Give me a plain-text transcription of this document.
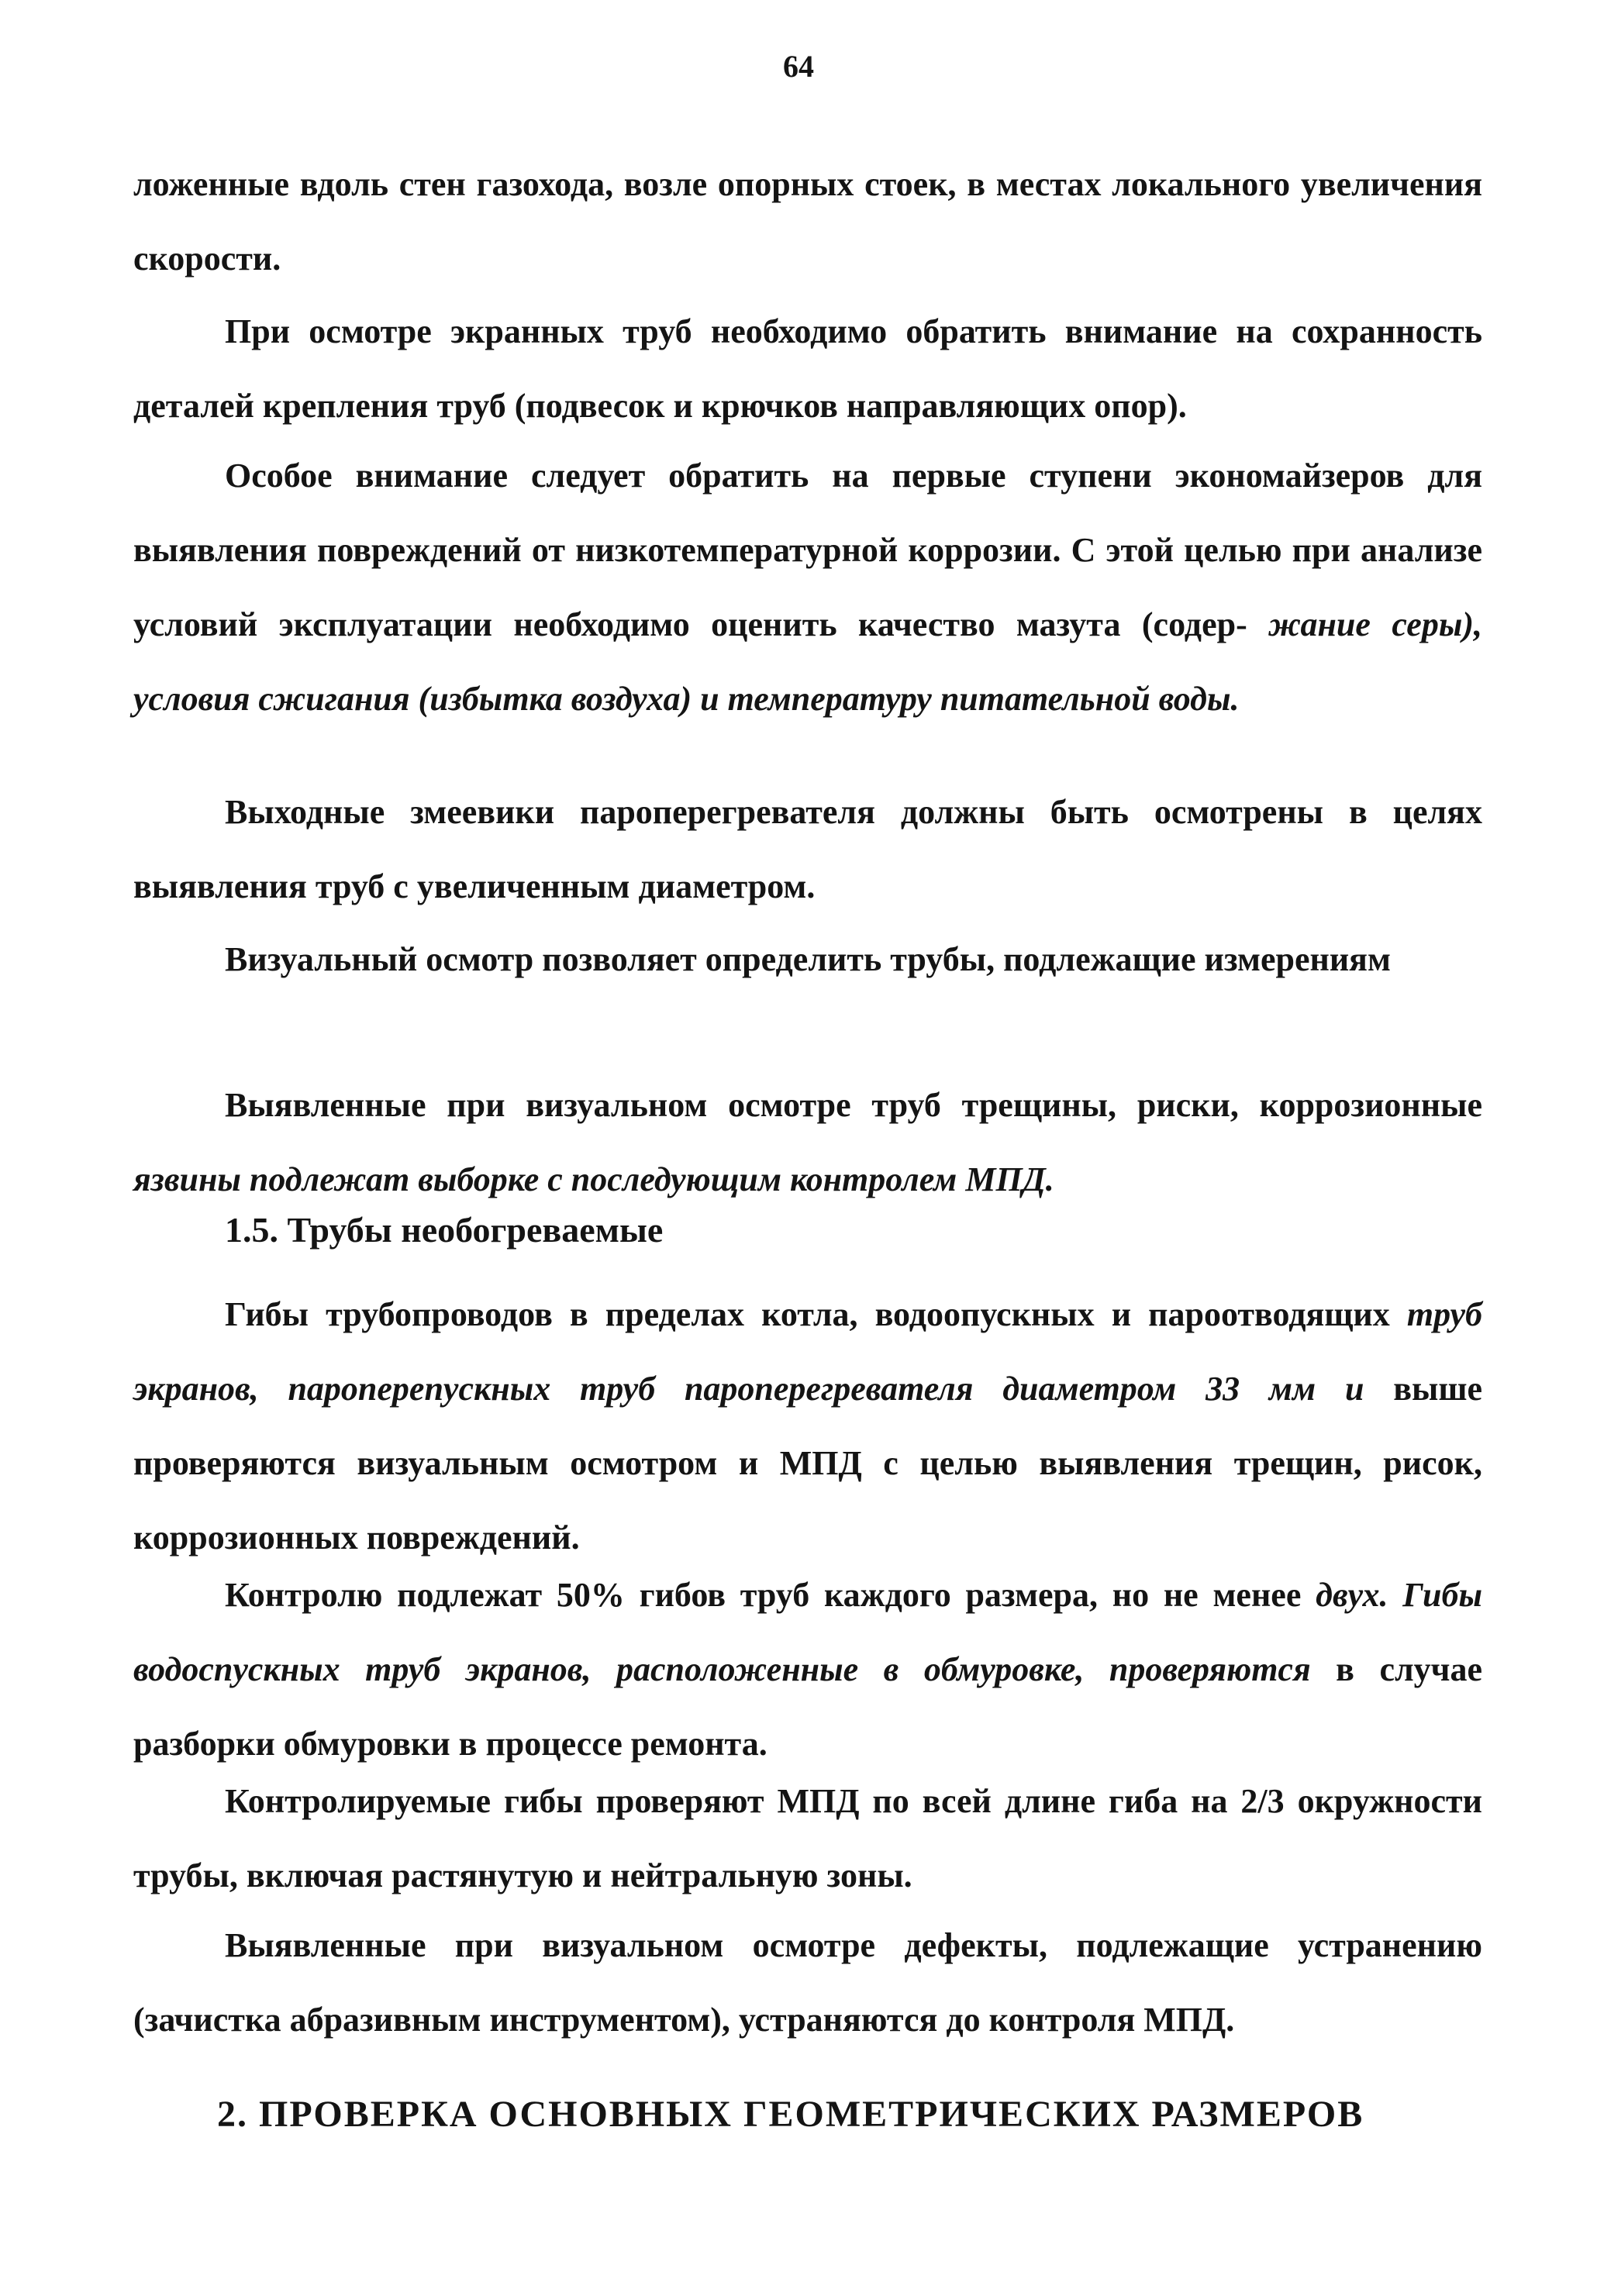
64

ложенные вдоль стен газохода, возле опорных стоек, в местах локального увеличения скорости.

При осмотре экранных труб необходимо обратить внимание на сохранность деталей крепления труб (подвесок и крючков направляющих опор).

Особое внимание следует обратить на первые ступени экономайзеров для выявления повреждений от низкотемпературной коррозии. С этой целью при анализе условий эксплуатации необходимо оценить качество мазута (содер- жание серы), условия сжигания (избытка воздуха) и температуру питательной воды.

Выходные змеевики пароперегревателя должны быть осмотрены в целях выявления труб с увеличенным диаметром.

Визуальный осмотр позволяет определить трубы, подлежащие измерениям

Выявленные при визуальном осмотре труб трещины, риски, коррозионные язвины подлежат выборке с последующим контролем МПД.

1.5. Трубы необогреваемые

Гибы трубопроводов в пределах котла, водоопускных и пароотводящих труб экранов, пароперепускных труб пароперегревателя диаметром 33 мм и выше проверяются визуальным осмотром и МПД с целью выявления трещин, рисок, коррозионных повреждений.

Контролю подлежат 50% гибов труб каждого размера, но не менее двух. Гибы водоспускных труб экранов, расположенные в обмуровке, проверяются в случае разборки обмуровки в процессе ремонта.

Контролируемые гибы проверяют МПД по всей длине гиба на 2/3 окружности трубы, включая растянутую и нейтральную зоны.

Выявленные при визуальном осмотре дефекты, подлежащие устранению (зачистка абразивным инструментом), устраняются до контроля МПД.

2. ПРОВЕРКА ОСНОВНЫХ ГЕОМЕТРИЧЕСКИХ РАЗМЕРОВ
